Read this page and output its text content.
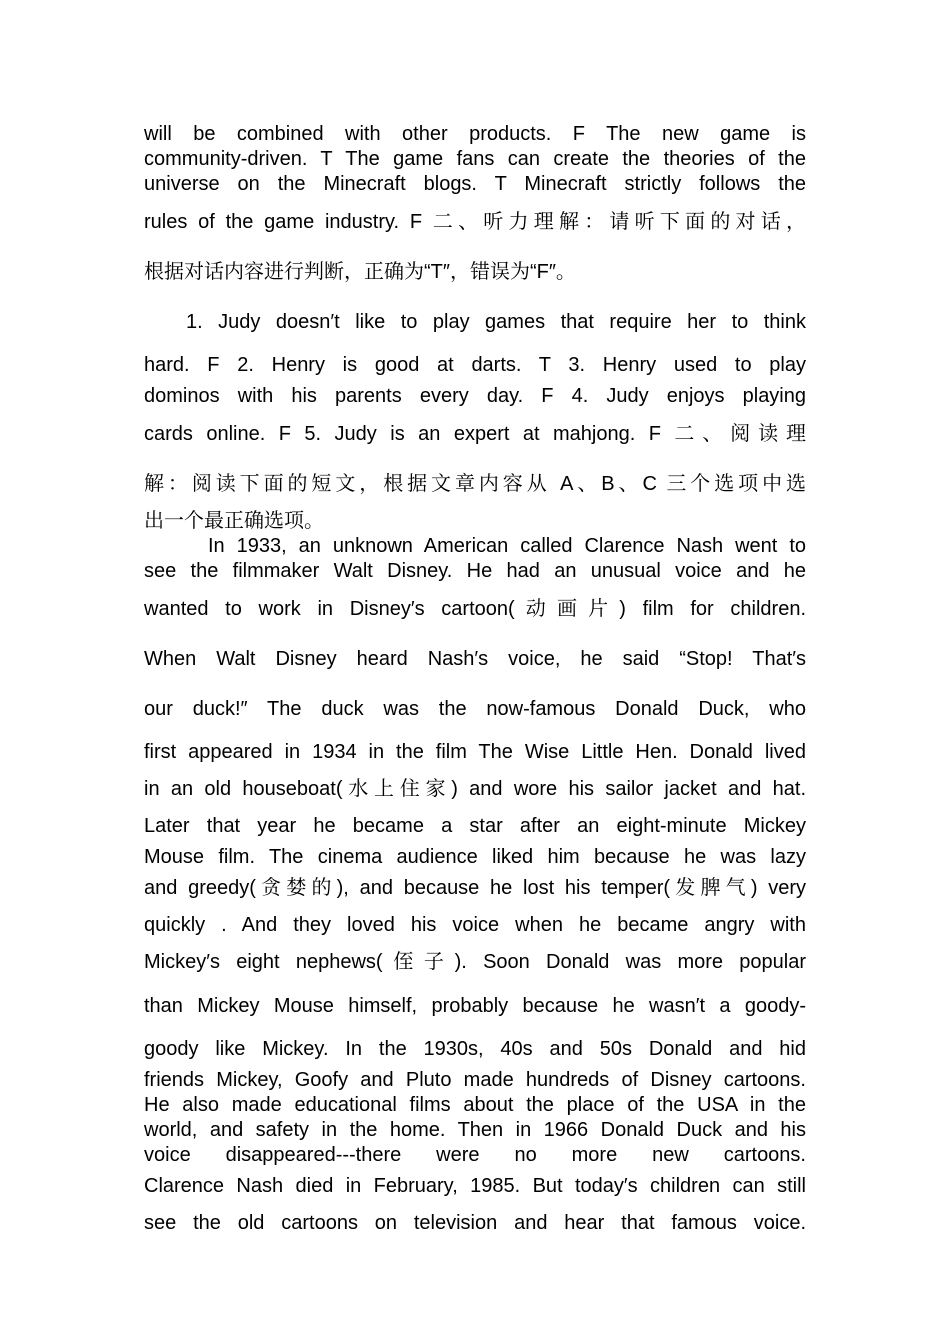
will be combined with other products. F The new game is

community-driven. T The game fans can create the theories of the

universe on the Minecraft blogs. T Minecraft strictly follows the

rules of the game industry. F 二、听力理解：请听下面的对话，

根据对话内容进行判断，正确为“T″，错误为“F″。

1. Judy doesn′t like to play games that require her to think

hard. F 2. Henry is good at darts. T 3. Henry used to play

dominos with his parents every day. F 4. Judy enjoys playing

cards online. F 5. Judy is an expert at mahjong. F 二、阅读理

解：阅读下面的短文，根据文章内容从 A、B、C 三个选项中选

出一个最正确选项。

In 1933, an unknown American called Clarence Nash went to

see the filmmaker Walt Disney. He had an unusual voice and he

wanted to work in Disney′s cartoon(动画片) film for children.

When Walt Disney heard Nash′s voice, he said “Stop! That′s

our duck!″ The duck was the now-famous Donald Duck, who

first appeared in 1934 in the film The Wise Little Hen. Donald lived

in an old houseboat(水上住家) and wore his sailor jacket and hat.

Later that year he became a star after an eight-minute Mickey

Mouse film. The cinema audience liked him because he was lazy

and greedy(贪婪的), and because he lost his temper(发脾气) very

quickly . And they loved his voice when he became angry with

Mickey′s eight nephews(侄子). Soon Donald was more popular

than Mickey Mouse himself, probably because he wasn′t a goody-

goody like Mickey. In the 1930s, 40s and 50s Donald and hid

friends Mickey, Goofy and Pluto made hundreds of Disney cartoons.

He also made educational films about the place of the USA in the

world, and safety in the home. Then in 1966 Donald Duck and his

voice disappeared---there were no more new cartoons.

Clarence Nash died in February, 1985. But today′s children can still

see the old cartoons on television and hear that famous voice.
